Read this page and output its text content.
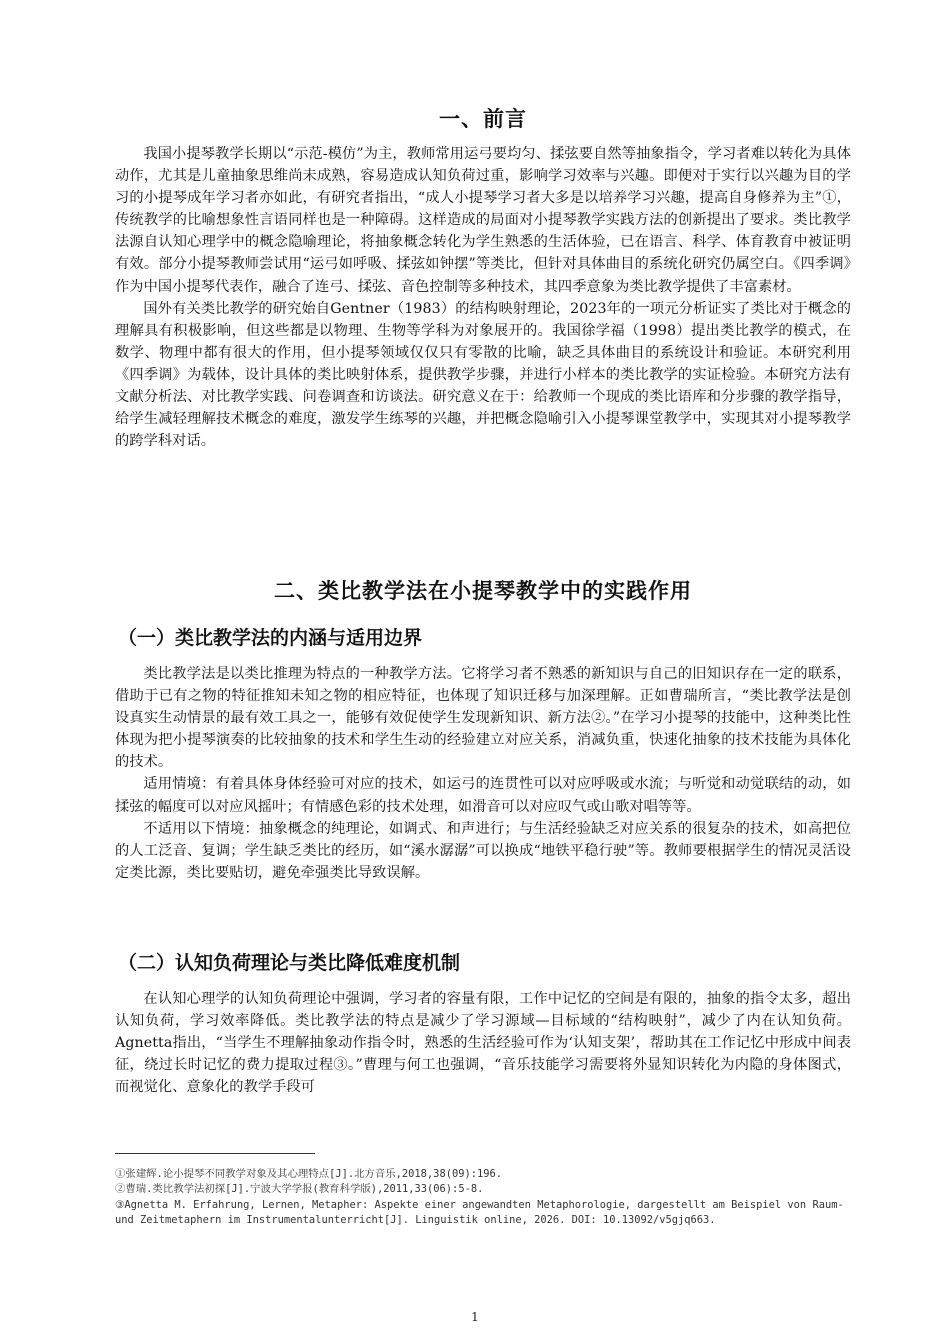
一、前言

我国小提琴教学长期以“示范-模仿”为主，教师常用运弓要均匀、揉弦要自然等抽象指令，学习者难以转化为具体动作，尤其是儿童抽象思维尚未成熟，容易造成认知负荷过重，影响学习效率与兴趣。即便对于实行以兴趣为目的学习的小提琴成年学习者亦如此，有研究者指出，“成人小提琴学习者大多是以培养学习兴趣，提高自身修养为主”①，传统教学的比喻想象性言语同样也是一种障碍。这样造成的局面对小提琴教学实践方法的创新提出了要求。类比教学法源自认知心理学中的概念隐喻理论，将抽象概念转化为学生熟悉的生活体验，已在语言、科学、体育教育中被证明有效。部分小提琴教师尝试用“运弓如呼吸、揉弦如钟摆”等类比，但针对具体曲目的系统化研究仍属空白。《四季调》作为中国小提琴代表作，融合了连弓、揉弦、音色控制等多种技术，其四季意象为类比教学提供了丰富素材。

国外有关类比教学的研究始自Gentner（1983）的结构映射理论，2023年的一项元分析证实了类比对于概念的理解具有积极影响，但这些都是以物理、生物等学科为对象展开的。我国徐学福（1998）提出类比教学的模式，在数学、物理中都有很大的作用，但小提琴领域仅仅只有零散的比喻，缺乏具体曲目的系统设计和验证。本研究利用《四季调》为载体，设计具体的类比映射体系，提供教学步骤，并进行小样本的类比教学的实证检验。本研究方法有文献分析法、对比教学实践、问卷调查和访谈法。研究意义在于：给教师一个现成的类比语库和分步骤的教学指导，给学生减轻理解技术概念的难度，激发学生练琴的兴趣，并把概念隐喻引入小提琴课堂教学中，实现其对小提琴教学的跨学科对话。

二、类比教学法在小提琴教学中的实践作用
（一）类比教学法的内涵与适用边界

类比教学法是以类比推理为特点的一种教学方法。它将学习者不熟悉的新知识与自己的旧知识存在一定的联系，借助于已有之物的特征推知未知之物的相应特征，也体现了知识迁移与加深理解。正如曹瑞所言，“类比教学法是创设真实生动情景的最有效工具之一，能够有效促使学生发现新知识、新方法②。”在学习小提琴的技能中，这种类比性体现为把小提琴演奏的比较抽象的技术和学生生动的经验建立对应关系，消减负重，快速化抽象的技术技能为具体化的技术。

适用情境：有着具体身体经验可对应的技术，如运弓的连贯性可以对应呼吸或水流；与听觉和动觉联结的动，如揉弦的幅度可以对应风摇叶；有情感色彩的技术处理，如滑音可以对应叹气或山歌对唱等等。

不适用以下情境：抽象概念的纯理论，如调式、和声进行；与生活经验缺乏对应关系的很复杂的技术，如高把位的人工泛音、复调；学生缺乏类比的经历，如“溪水潺潺”可以换成“地铁平稳行驶”等。教师要根据学生的情况灵活设定类比源，类比要贴切，避免牵强类比导致误解。

（二）认知负荷理论与类比降低难度机制

在认知心理学的认知负荷理论中强调，学习者的容量有限，工作中记忆的空间是有限的，抽象的指令太多，超出认知负荷，学习效率降低。类比教学法的特点是减少了学习源域—目标域的“结构映射”，减少了内在认知负荷。Agnetta指出，“当学生不理解抽象动作指令时，熟悉的生活经验可作为‘认知支架’，帮助其在工作记忆中形成中间表征，绕过长时记忆的费力提取过程③。”曹理与何工也强调，“音乐技能学习需要将外显知识转化为内隐的身体图式，而视觉化、意象化的教学手段可

①张建辉.论小提琴不同教学对象及其心理特点[J].北方音乐,2018,38(09):196.
②曹瑞.类比教学法初探[J].宁波大学学报(教育科学版),2011,33(06):5-8.
③Agnetta M. Erfahrung, Lernen, Metapher: Aspekte einer angewandten Metaphorologie, dargestellt am Beispiel von Raum- und Zeitmetaphern im Instrumentalunterricht[J]. Linguistik online, 2026. DOI: 10.13092/v5gjq663.
1
